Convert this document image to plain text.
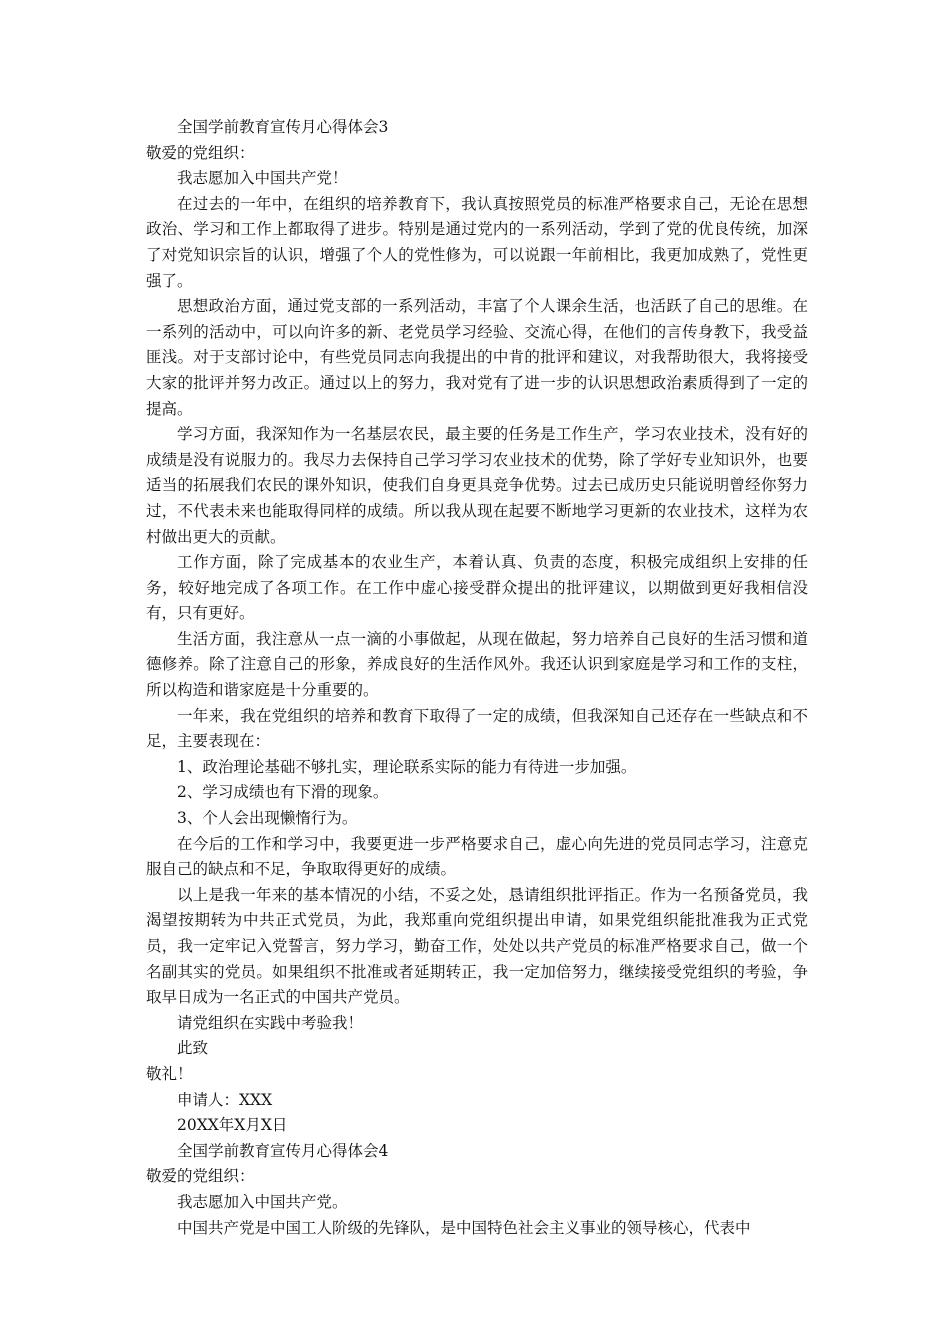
全国学前教育宣传月心得体会3

敬爱的党组织：

我志愿加入中国共产党！

在过去的一年中，在组织的培养教育下，我认真按照党员的标准严格要求自己，无论在思想政治、学习和工作上都取得了进步。特别是通过党内的一系列活动，学到了党的优良传统，加深了对党知识宗旨的认识，增强了个人的党性修为，可以说跟一年前相比，我更加成熟了，党性更强了。

思想政治方面，通过党支部的一系列活动，丰富了个人课余生活，也活跃了自己的思维。在一系列的活动中，可以向许多的新、老党员学习经验、交流心得，在他们的言传身教下，我受益匪浅。对于支部讨论中，有些党员同志向我提出的中肯的批评和建议，对我帮助很大，我将接受大家的批评并努力改正。通过以上的努力，我对党有了进一步的认识思想政治素质得到了一定的提高。

学习方面，我深知作为一名基层农民，最主要的任务是工作生产，学习农业技术，没有好的成绩是没有说服力的。我尽力去保持自己学习学习农业技术的优势，除了学好专业知识外，也要适当的拓展我们农民的课外知识，使我们自身更具竞争优势。过去已成历史只能说明曾经你努力过，不代表未来也能取得同样的成绩。所以我从现在起要不断地学习更新的农业技术，这样为农村做出更大的贡献。

工作方面，除了完成基本的农业生产，本着认真、负责的态度，积极完成组织上安排的任务，较好地完成了各项工作。在工作中虚心接受群众提出的批评建议，以期做到更好我相信没有，只有更好。

生活方面，我注意从一点一滴的小事做起，从现在做起，努力培养自己良好的生活习惯和道德修养。除了注意自己的形象，养成良好的生活作风外。我还认识到家庭是学习和工作的支柱，所以构造和谐家庭是十分重要的。

一年来，我在党组织的培养和教育下取得了一定的成绩，但我深知自己还存在一些缺点和不足，主要表现在：

1、政治理论基础不够扎实，理论联系实际的能力有待进一步加强。

2、学习成绩也有下滑的现象。

3、个人会出现懒惰行为。

在今后的工作和学习中，我要更进一步严格要求自己，虚心向先进的党员同志学习，注意克服自己的缺点和不足，争取取得更好的成绩。

以上是我一年来的基本情况的小结，不妥之处，恳请组织批评指正。作为一名预备党员，我渴望按期转为中共正式党员，为此，我郑重向党组织提出申请，如果党组织能批准我为正式党员，我一定牢记入党誓言，努力学习，勤奋工作，处处以共产党员的标准严格要求自己，做一个名副其实的党员。如果组织不批准或者延期转正，我一定加倍努力，继续接受党组织的考验，争取早日成为一名正式的中国共产党员。

请党组织在实践中考验我！

此致

敬礼！

申请人：XXX

20XX年X月X日

全国学前教育宣传月心得体会4

敬爱的党组织：

我志愿加入中国共产党。

中国共产党是中国工人阶级的先锋队，是中国特色社会主义事业的领导核心，代表中
